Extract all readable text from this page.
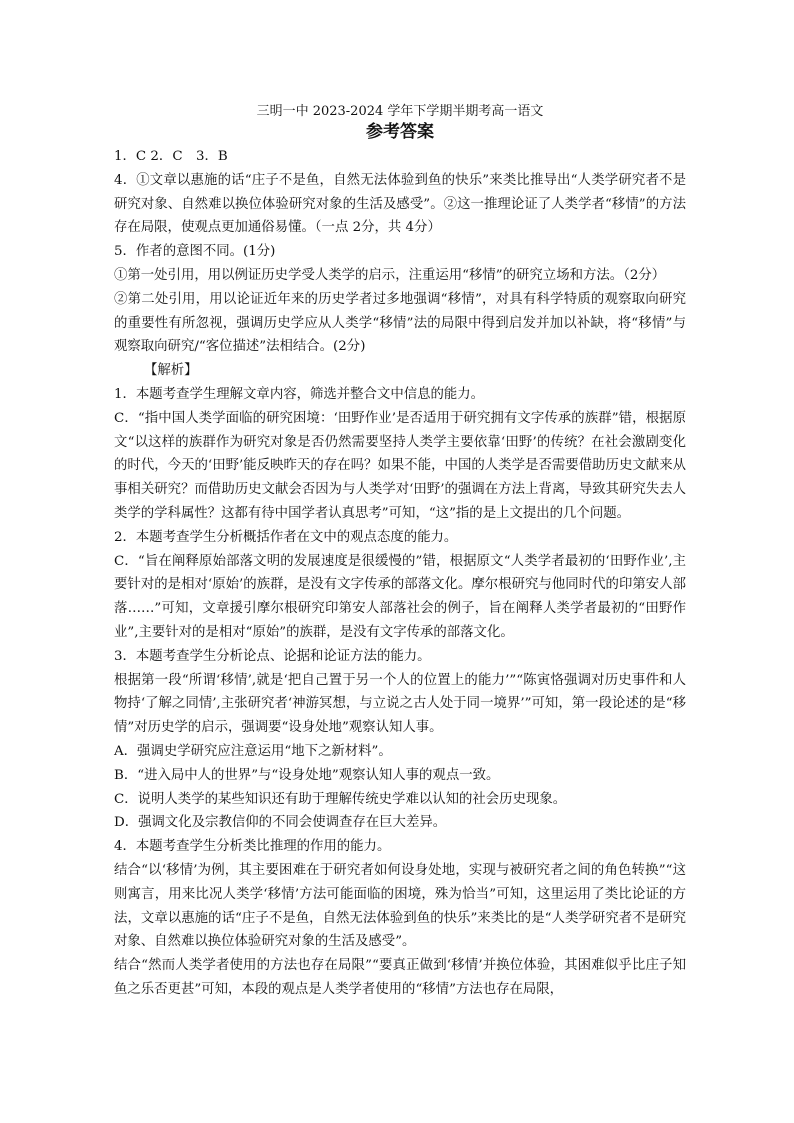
三明一中 2023-2024 学年下学期半期考高一语文
参考答案

1．C 2．C　3．B

4．①文章以惠施的话“庄子不是鱼，自然无法体验到鱼的快乐”来类比推导出“人类学研究者不是研究对象、自然难以换位体验研究对象的生活及感受”。②这一推理论证了人类学者“移情”的方法存在局限，使观点更加通俗易懂。（一点 2分，共 4分）

5．作者的意图不同。(1分)

①第一处引用，用以例证历史学受人类学的启示，注重运用“移情”的研究立场和方法。（2分）

②第二处引用，用以论证近年来的历史学者过多地强调“移情”，对具有科学特质的观察取向研究的重要性有所忽视，强调历史学应从人类学“移情”法的局限中得到启发并加以补缺，将“移情”与观察取向研究/“客位描述”法相结合。(2分)

【解析】

1．本题考查学生理解文章内容，筛选并整合文中信息的能力。

C．“指中国人类学面临的研究困境：‘田野作业’是否适用于研究拥有文字传承的族群”错，根据原文“以这样的族群作为研究对象是否仍然需要坚持人类学主要依靠‘田野’的传统？在社会激剧变化的时代，今天的‘田野’能反映昨天的存在吗？如果不能，中国的人类学是否需要借助历史文献来从事相关研究？而借助历史文献会否因为与人类学对‘田野’的强调在方法上背离，导致其研究失去人类学的学科属性？这都有待中国学者认真思考”可知，“这”指的是上文提出的几个问题。

2．本题考查学生分析概括作者在文中的观点态度的能力。

C．“旨在阐释原始部落文明的发展速度是很缓慢的”错，根据原文“人类学者最初的‘田野作业’,主要针对的是相对‘原始’的族群，是没有文字传承的部落文化。摩尔根研究与他同时代的印第安人部落……”可知，文章援引摩尔根研究印第安人部落社会的例子，旨在阐释人类学者最初的“田野作业”,主要针对的是相对“原始”的族群，是没有文字传承的部落文化。

3．本题考查学生分析论点、论据和论证方法的能力。

根据第一段“所谓‘移情’,就是‘把自己置于另一个人的位置上的能力’”“陈寅恪强调对历史事件和人物持‘了解之同情’,主张研究者‘神游冥想，与立说之古人处于同一境界’”可知，第一段论述的是“移情”对历史学的启示，强调要“设身处地”观察认知人事。

A．强调史学研究应注意运用“地下之新材料”。

B．“进入局中人的世界”与“设身处地”观察认知人事的观点一致。

C．说明人类学的某些知识还有助于理解传统史学难以认知的社会历史现象。

D．强调文化及宗教信仰的不同会使调查存在巨大差异。

4．本题考查学生分析类比推理的作用的能力。

结合“以‘移情’为例，其主要困难在于研究者如何设身处地，实现与被研究者之间的角色转换”“这则寓言，用来比况人类学‘移情’方法可能面临的困境，殊为恰当”可知，这里运用了类比论证的方法，文章以惠施的话“庄子不是鱼，自然无法体验到鱼的快乐”来类比的是“人类学研究者不是研究对象、自然难以换位体验研究对象的生活及感受”。

结合“然而人类学者使用的方法也存在局限”“要真正做到‘移情’并换位体验，其困难似乎比庄子知鱼之乐否更甚”可知，本段的观点是人类学者使用的“移情”方法也存在局限，
